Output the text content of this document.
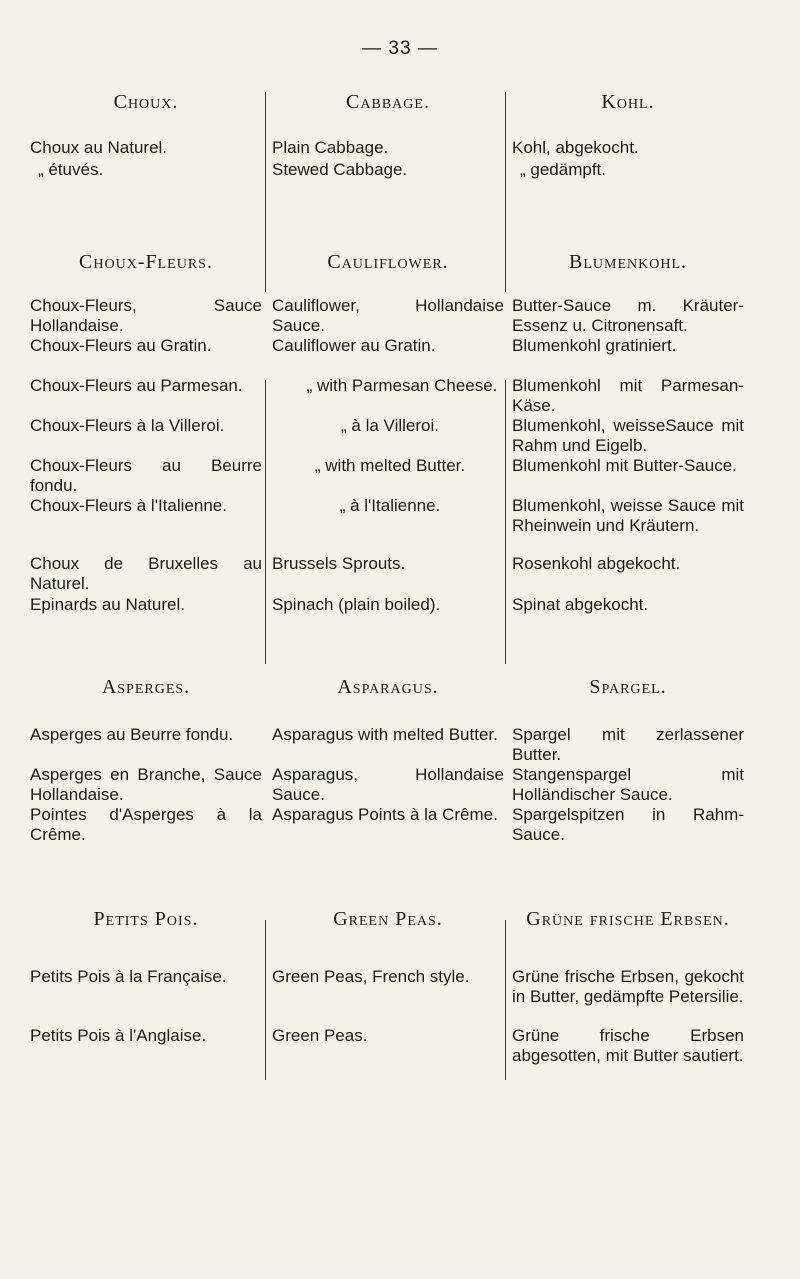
— 33 —
Choux.
Choux au Naturel.
„ étuvés.
Choux-Fleurs.
Choux-Fleurs, Sauce Hollandaise.
Choux-Fleurs au Gratin.
Choux-Fleurs au Parmesan.
Choux-Fleurs à la Villeroi.
Choux-Fleurs au Beurre fondu.
Choux-Fleurs à l'Italienne.
Choux de Bruxelles au Naturel.
Epinards au Naturel.
Asperges.
Asperges au Beurre fondu.
Asperges en Branche, Sauce Hollandaise.
Pointes d'Asperges à la Crême.
Petits Pois.
Petits Pois à la Française.
Petits Pois à l'Anglaise.
Cabbage.
Plain Cabbage.
Stewed Cabbage.
Cauliflower.
Cauliflower, Hollandaise Sauce.
Cauliflower au Gratin.
„ with Parmesan Cheese.
„ à la Villeroi.
„ with melted Butter.
„ à l'Italienne.
Brussels Sprouts.
Spinach (plain boiled).
Asparagus.
Asparagus with melted Butter.
Asparagus, Hollandaise Sauce.
Asparagus Points à la Crême.
Green Peas.
Green Peas, French style.
Green Peas.
Kohl.
Kohl, abgekocht.
„ gedämpft.
Blumenkohl.
Butter-Sauce m. Kräuter-Essenz u. Citronensaft.
Blumenkohl gratiniert.
Blumenkohl mit Parmesan-Käse.
Blumenkohl, weisseSauce mit Rahm und Eigelb.
Blumenkohl mit Butter-Sauce.
Blumenkohl, weisse Sauce mit Rheinwein und Kräutern.
Rosenkohl abgekocht.
Spinat abgekocht.
Spargel.
Spargel mit zerlassener Butter.
Stangenspargel mit Holländischer Sauce.
Spargelspitzen in Rahm-Sauce.
Grüne frische Erbsen.
Grüne frische Erbsen, gekocht in Butter, gedämpfte Petersilie.
Grüne frische Erbsen abgesotten, mit Butter sautiert.
